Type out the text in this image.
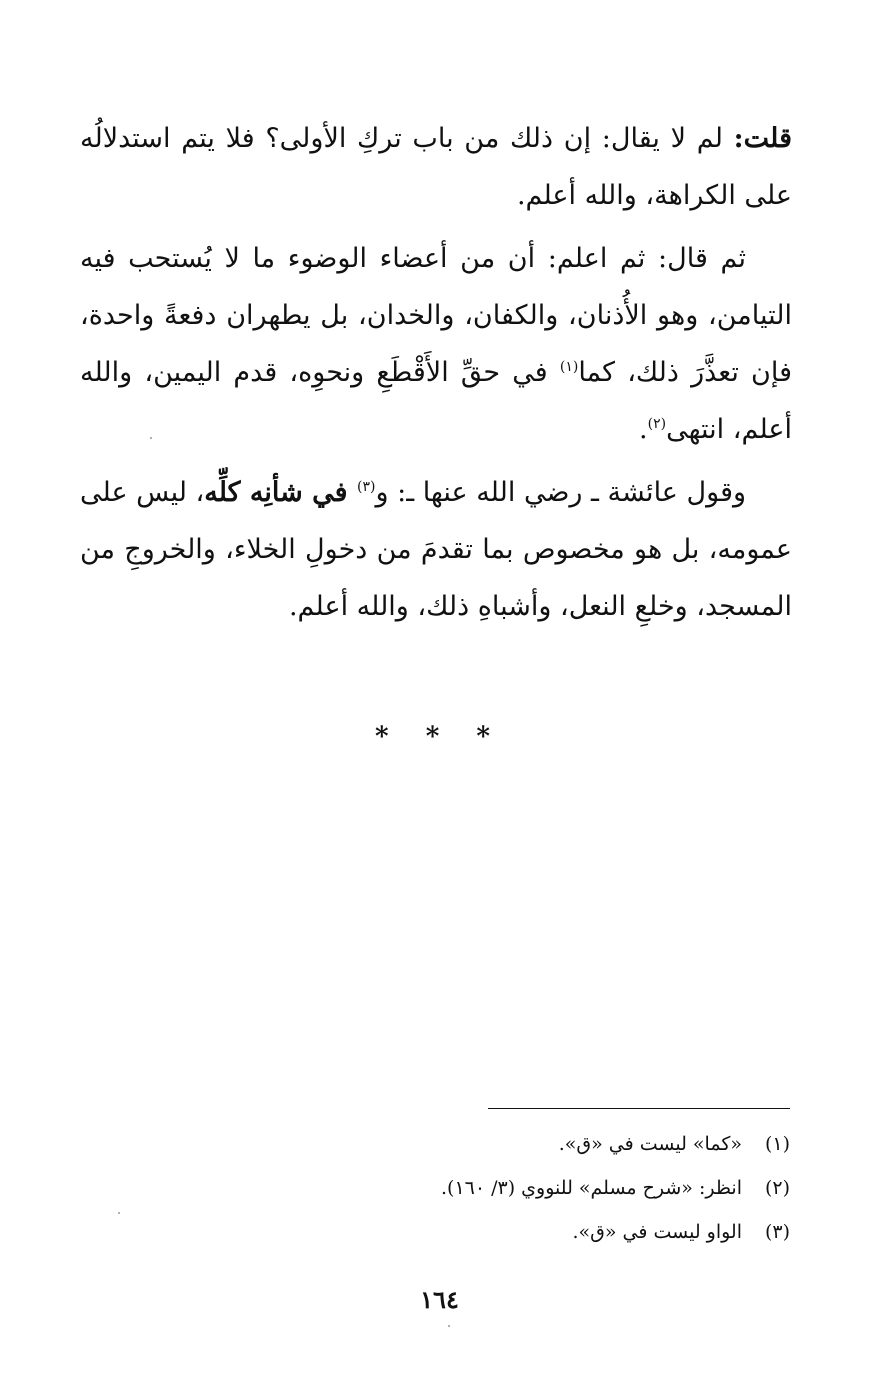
قلت: لم لا يقال: إن ذلك من باب تركِ الأولى؟ فلا يتم استدلالُه على الكراهة، والله أعلم.

ثم قال: ثم اعلم: أن من أعضاء الوضوء ما لا يُستحب فيه التيامن، وهو الأُذنان، والكفان، والخدان، بل يطهران دفعةً واحدة، فإن تعذَّرَ ذلك، كما$^{(١)}$ في حقِّ الأَقْطَعِ ونحوِه، قدم اليمين، والله أعلم، انتهى$^{(٢)}$.

وقول عائشة ـ رضي الله عنها ـ: و$^{(٣)}$ في شأنِه كلِّه، ليس على عمومه، بل هو مخصوص بما تقدمَ من دخولِ الخلاء، والخروجِ من المسجد، وخلعِ النعل، وأشباهِ ذلك، والله أعلم.

* * *
(١)«كما» ليست في «ق».
(٢)انظر: «شرح مسلم» للنووي (٣/ ١٦٠).
(٣)الواو ليست في «ق».
١٦٤
